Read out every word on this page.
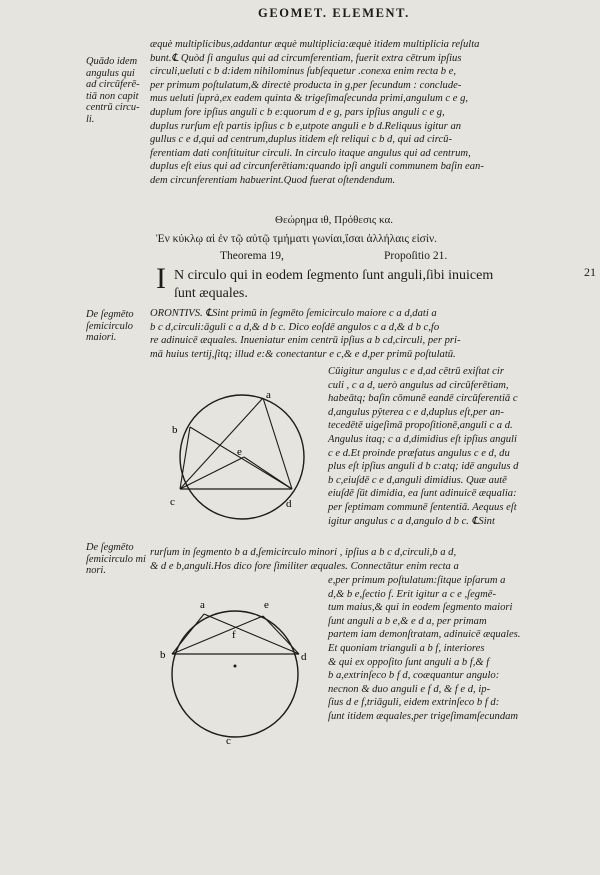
GEOMET. ELEMENT.

Quādo idem

angulus qui

ad circūferē-

tiā non capit

centrū circu-

li.

De ſegmēto

ſemicirculo

maiori.

De ſegmēto

ſemicirculo mi

nori.

æquè multiplicibus,addantur æquè multiplicia:æquè itidem multiplicia reſulta

bunt.℄ Quòd ſi angulus qui ad circumferentiam, fuerit extra cētrum ipſius

circuli,ueluti c b d:idem nihilominus ſubſequetur .conexa enim recta b e,

per primum poſtulatum,& directè producta in g,per ſecundum : conclude-

mus ueluti ſuprà,ex eadem quinta & trigeſimaſecunda primi,angulum c e g,

duplum fore ipſius anguli c b e:quorum d e g, pars ipſius anguli c e g,

duplus rurſum eſt partis ipſius c b e,utpote anguli e b d.Reliquus igitur an

gullus c e d,qui ad centrum,duplus itidem eſt reliqui c b d, qui ad circū-

ferentiam dati conſtituitur circuli. In circulo itaque angulus qui ad centrum,

duplus eſt eius qui ad circunferētiam:quando ipſi anguli communem baſin ean-

dem circunferentiam habuerint.Quod fuerat oſtendendum.

Θεώρημα ιθ, Πρόθεσις κα.
Ἐν κύκλῳ αἱ ἐν τῷ αὐτῷ τμήματι γωνίαι,ἴσαι ἀλλήλαις εἰσίν.
Theorema 19,	Propoſitio 21.
I N circulo qui in eodem ſegmento ſunt anguli,ſibi inuicem
ſunt æquales.
21

ORONTIVS. ℄Sint primū in ſegmēto ſemicirculo maiore c a d,dati a

b c d,circuli:āguli c a d,& d b c. Dico eoſdē angulos c a d,& d b c,fo

re adinuicē æquales. Inueniatur enim centrū ipſius a b cd,circuli, per pri-

mā huius tertij,ſitq; illud e:& conectantur e c,& e d,per primū poſtulatū.

Cūigitur angulus c e d,ad cētrū exiſtat cir

culi , c a d, uerò angulus ad circūferētiam,

habeātq; baſin cōmunē eandē circūferentiā c

d,angulus pŷterea c e d,duplus eſt,per an-

tecedētē uigeſimā propoſitionē,anguli c a d.

Angulus itaq; c a d,dimidius eſt ipſius anguli

c e d.Et proinde præfatus angulus c e d, du

plus eſt ipſius anguli d b c:atq; idē angulus d

b c,eiuſdē c e d,anguli dimidius. Quæ autē

eiuſdē ſūt dimidia, ea ſunt adinuicē æqualia:

per ſeptimam communē ſententiā. Aequus eſt

igitur angulus c a d,angulo d b c. ℄Sint

a
b
c	d
e

rurſum in ſegmento b a d,ſemicirculo minori , ipſius a b c d,circuli,b a d,

& d e b,anguli.Hos dico fore ſimiliter æquales. Connectātur enim recta a

e,per primum poſtulatum:ſitque ipſarum a

d,& b e,ſectio f. Erit igitur a c e ,ſegmē-

tum maius,& qui in eodem ſegmento maiori

ſunt anguli a b e,& e d a, per primam

partem iam demonſtratam, adinuicē æquales.

Et quoniam trianguli a b f, interiores

& qui ex oppoſito ſunt anguli a b f,& f

b a,extrinſeco b f d, coæquantur angulo:

necnon & duo anguli e f d, & f e d, ip-

ſius d e f,triāguli, eidem extrinſeco b f d:

ſunt itidem æquales,per trigeſimamſecundam

a	e
f
b	d
c
